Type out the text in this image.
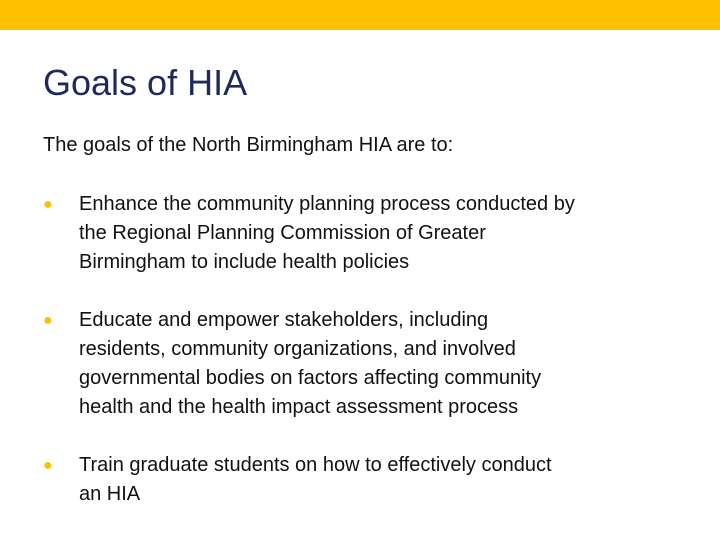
Goals of HIA
The goals of the North Birmingham HIA are to:
● Enhance the community planning process conducted by
the Regional Planning Commission of Greater
Birmingham to include health policies
● Educate and empower stakeholders, including
residents, community organizations, and involved
governmental bodies on factors affecting community
health and the health impact assessment process
● Train graduate students on how to effectively conduct
an HIA
